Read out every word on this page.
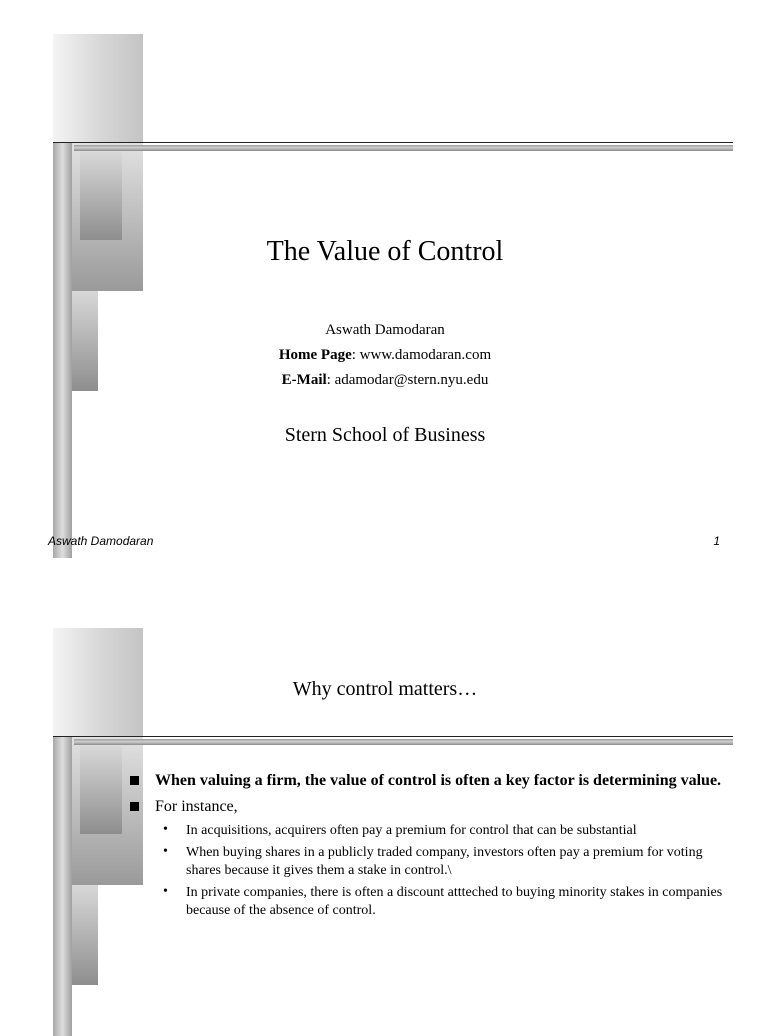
The Value of Control
Aswath Damodaran
Home Page: www.damodaran.com
E-Mail: adamodar@stern.nyu.edu
Stern School of Business
Aswath Damodaran	1
Why control matters…
When valuing a firm, the value of control is often a key factor is determining value.
For instance,
• In acquisitions, acquirers often pay a premium for control that can be substantial
• When buying shares in a publicly traded company, investors often pay a premium for voting shares because it gives them a stake in control.\
• In private companies, there is often a discount attteched to buying minority stakes in companies because of the absence of control.
